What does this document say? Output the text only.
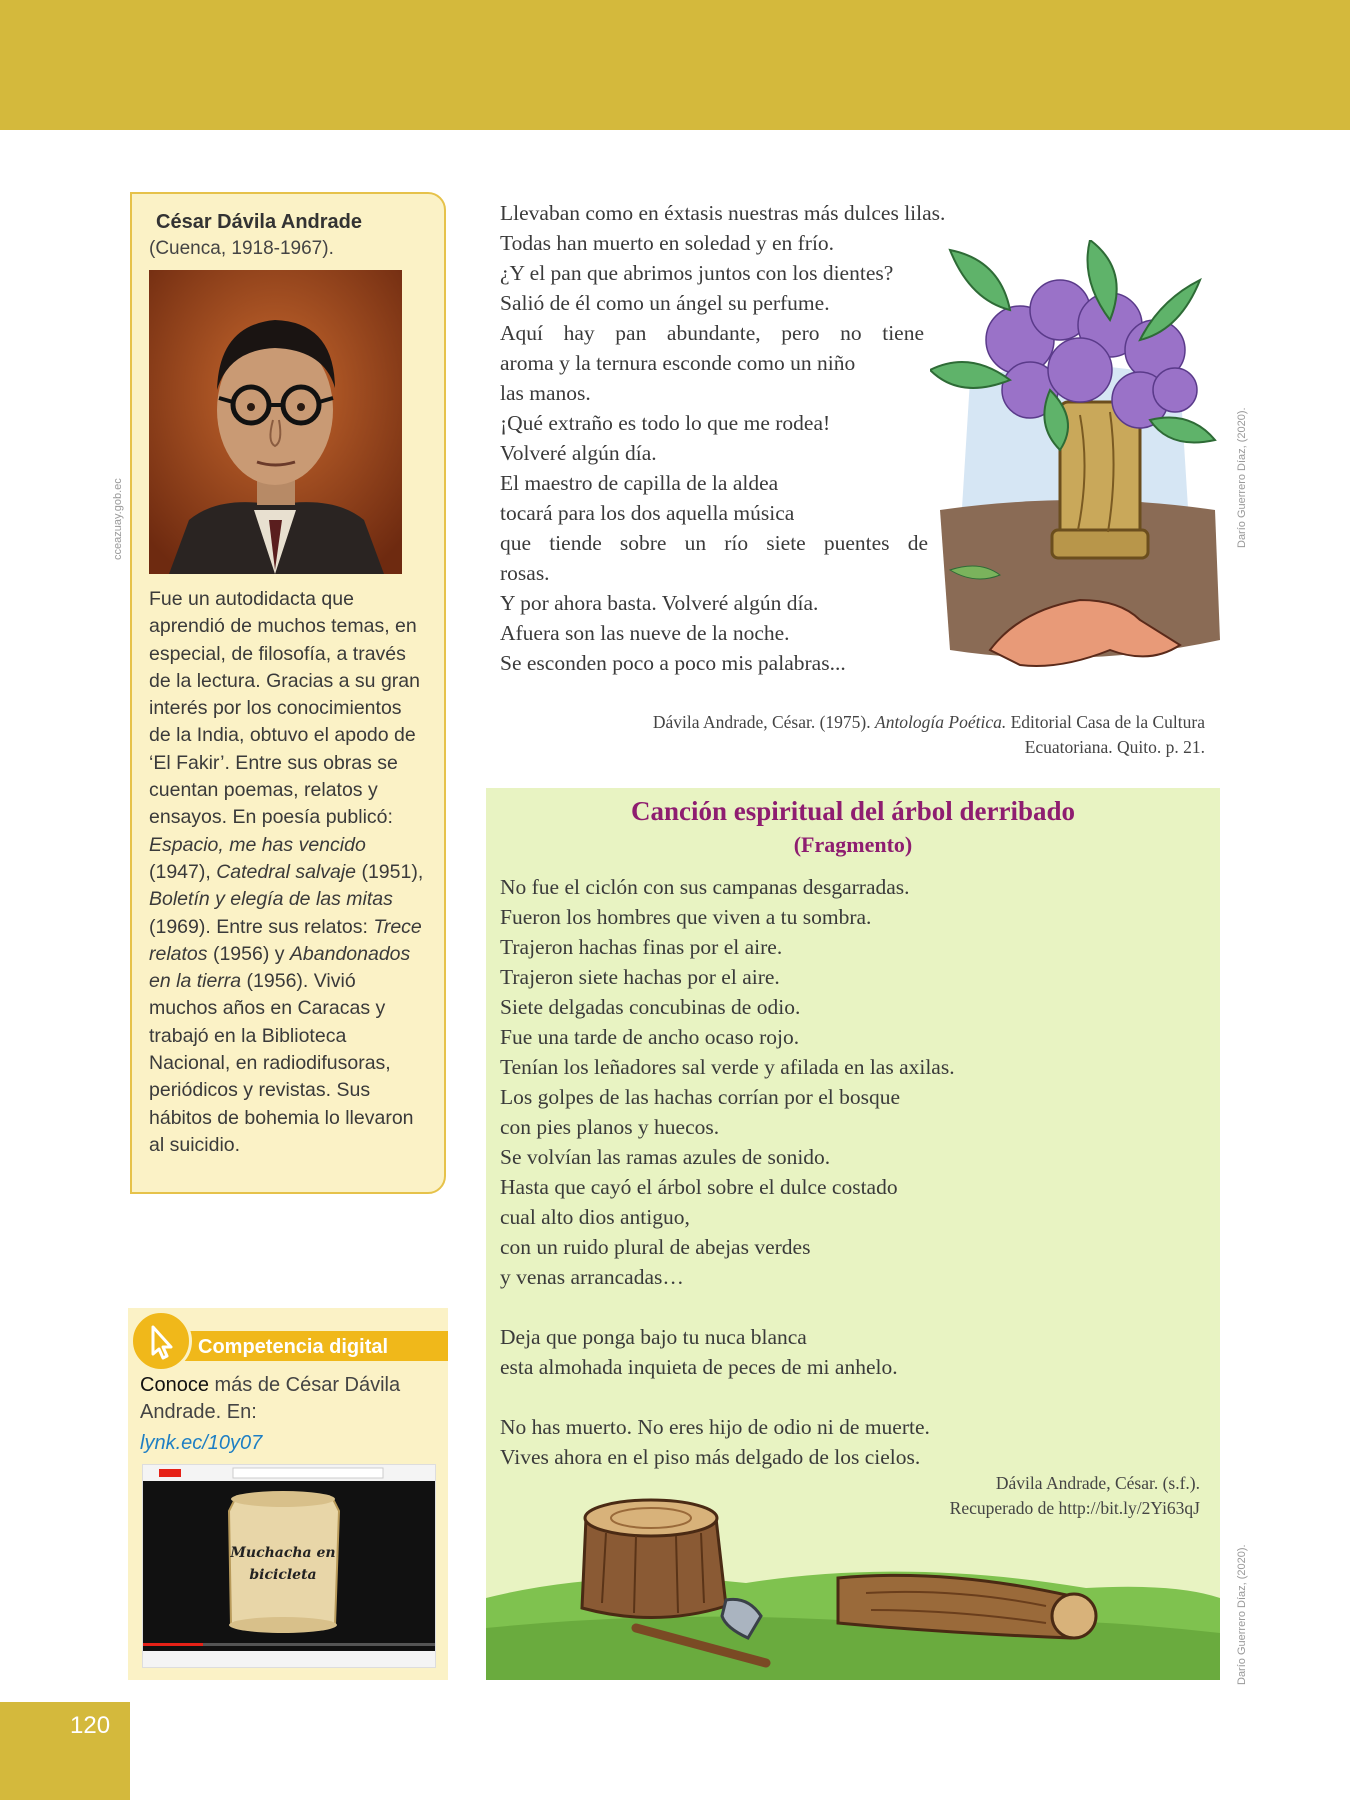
César Dávila Andrade
(Cuenca, 1918-1967).
Fue un autodidacta que aprendió de muchos temas, en especial, de filosofía, a través de la lectura. Gracias a su gran interés por los conocimientos de la India, obtuvo el apodo de ‘El Fakir’. Entre sus obras se cuentan poemas, relatos y ensayos. En poesía publicó: Espacio, me has vencido (1947), Catedral salvaje (1951), Boletín y elegía de las mitas (1969). Entre sus relatos: Trece relatos (1956) y Abandonados en la tierra (1956). Vivió muchos años en Caracas y trabajó en la Biblioteca Nacional, en radiodifusoras, periódicos y revistas. Sus hábitos de bohemia lo llevaron al suicidio.
cceazuay.gob.ec
Competencia digital
Conoce más de César Dávila Andrade. En:
lynk.ec/10y07
Muchacha en
bicicleta
Llevaban como en éxtasis nuestras más dulces lilas.
Todas han muerto en soledad y en frío.
¿Y el pan que abrimos juntos con los dientes?
Salió de él como un ángel su perfume.
Aquí hay pan abundante, pero no tiene
aroma y la ternura esconde como un niño
las manos.
¡Qué extraño es todo lo que me rodea!
Volveré algún día.
El maestro de capilla de la aldea
tocará para los dos aquella música
que tiende sobre un río siete puentes de
rosas.
Y por ahora basta. Volveré algún día.
Afuera son las nueve de la noche.
Se esconden poco a poco mis palabras...
Darío Guerrero Díaz, (2020).
Dávila Andrade, César. (1975). Antología Poética. Editorial Casa de la Cultura
Ecuatoriana. Quito. p. 21.
Canción espiritual del árbol derribado
(Fragmento)
No fue el ciclón con sus campanas desgarradas.
Fueron los hombres que viven a tu sombra.
Trajeron hachas finas por el aire.
Trajeron siete hachas por el aire.
Siete delgadas concubinas de odio.
Fue una tarde de ancho ocaso rojo.
Tenían los leñadores sal verde y afilada en las axilas.
Los golpes de las hachas corrían por el bosque
con pies planos y huecos.
Se volvían las ramas azules de sonido.
Hasta que cayó el árbol sobre el dulce costado
cual alto dios antiguo,
con un ruido plural de abejas verdes
y venas arrancadas…
Deja que ponga bajo tu nuca blanca
esta almohada inquieta de peces de mi anhelo.
No has muerto. No eres hijo de odio ni de muerte.
Vives ahora en el piso más delgado de los cielos.
Dávila Andrade, César. (s.f.).
Recuperado de http://bit.ly/2Yi63qJ
Darío Guerrero Díaz, (2020).
120
